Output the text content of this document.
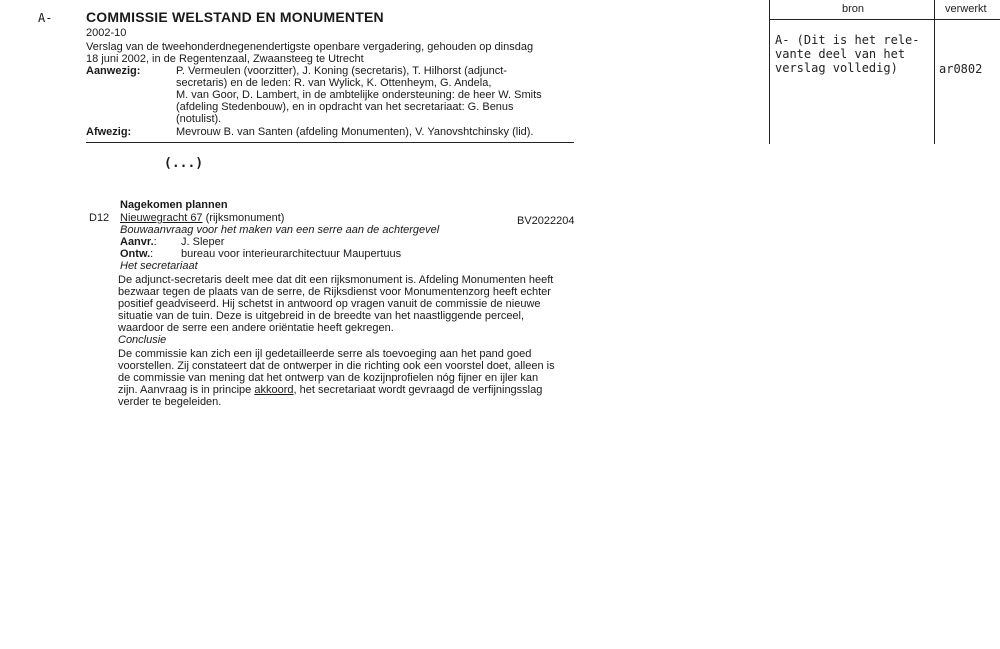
A- COMMISSIE WELSTAND EN MONUMENTEN
2002-10
Verslag van de tweehonderdnegenendertigste openbare vergadering, gehouden op dinsdag
18 juni 2002, in de Regentenzaal, Zwaansteeg te Utrecht
Aanwezig:	P. Vermeulen (voorzitter), J. Koning (secretaris), T. Hilhorst (adjunct-
secretaris) en de leden: R. van Wylick, K. Ottenheym, G. Andela,
M. van Goor, D. Lambert, in de ambtelijke ondersteuning: de heer W. Smits
(afdeling Stedenbouw), en in opdracht van het secretariaat: G. Benus
(notulist).
Afwezig:	Mevrouw B. van Santen (afdeling Monumenten), V. Yanovshtchinsky (lid).
(...)
Nagekomen plannen
D12 Nieuwegracht 67 (rijksmonument)	BV2022204
Bouwaanvraag voor het maken van een serre aan de achtergevel
Aanvr.: J. Sleper
Ontw.:	bureau voor interieurarchitectuur Maupertuus
Het secretariaat
De adjunct-secretaris deelt mee dat dit een rijksmonument is. Afdeling Monumenten heeft
bezwaar tegen de plaats van de serre, de Rijksdienst voor Monumentenzorg heeft echter
positief geadviseerd. Hij schetst in antwoord op vragen vanuit de commissie de nieuwe
situatie van de tuin. Deze is uitgebreid in de breedte van het naastliggende perceel,
waardoor de serre een andere oriëntatie heeft gekregen.
Conclusie
De commissie kan zich een ijl gedetailleerde serre als toevoeging aan het pand goed
voorstellen. Zij constateert dat de ontwerper in die richting ook een voorstel doet, alleen is
de commissie van mening dat het ontwerp van de kozijnprofielen nóg fijner en ijler kan
zijn. Aanvraag is in principe akkoord, het secretariaat wordt gevraagd de verfijningsslag
verder te begeleiden.
bron	verwerkt
A- (Dit is het rele-
vante deel van het
verslag volledig)	ar0802
